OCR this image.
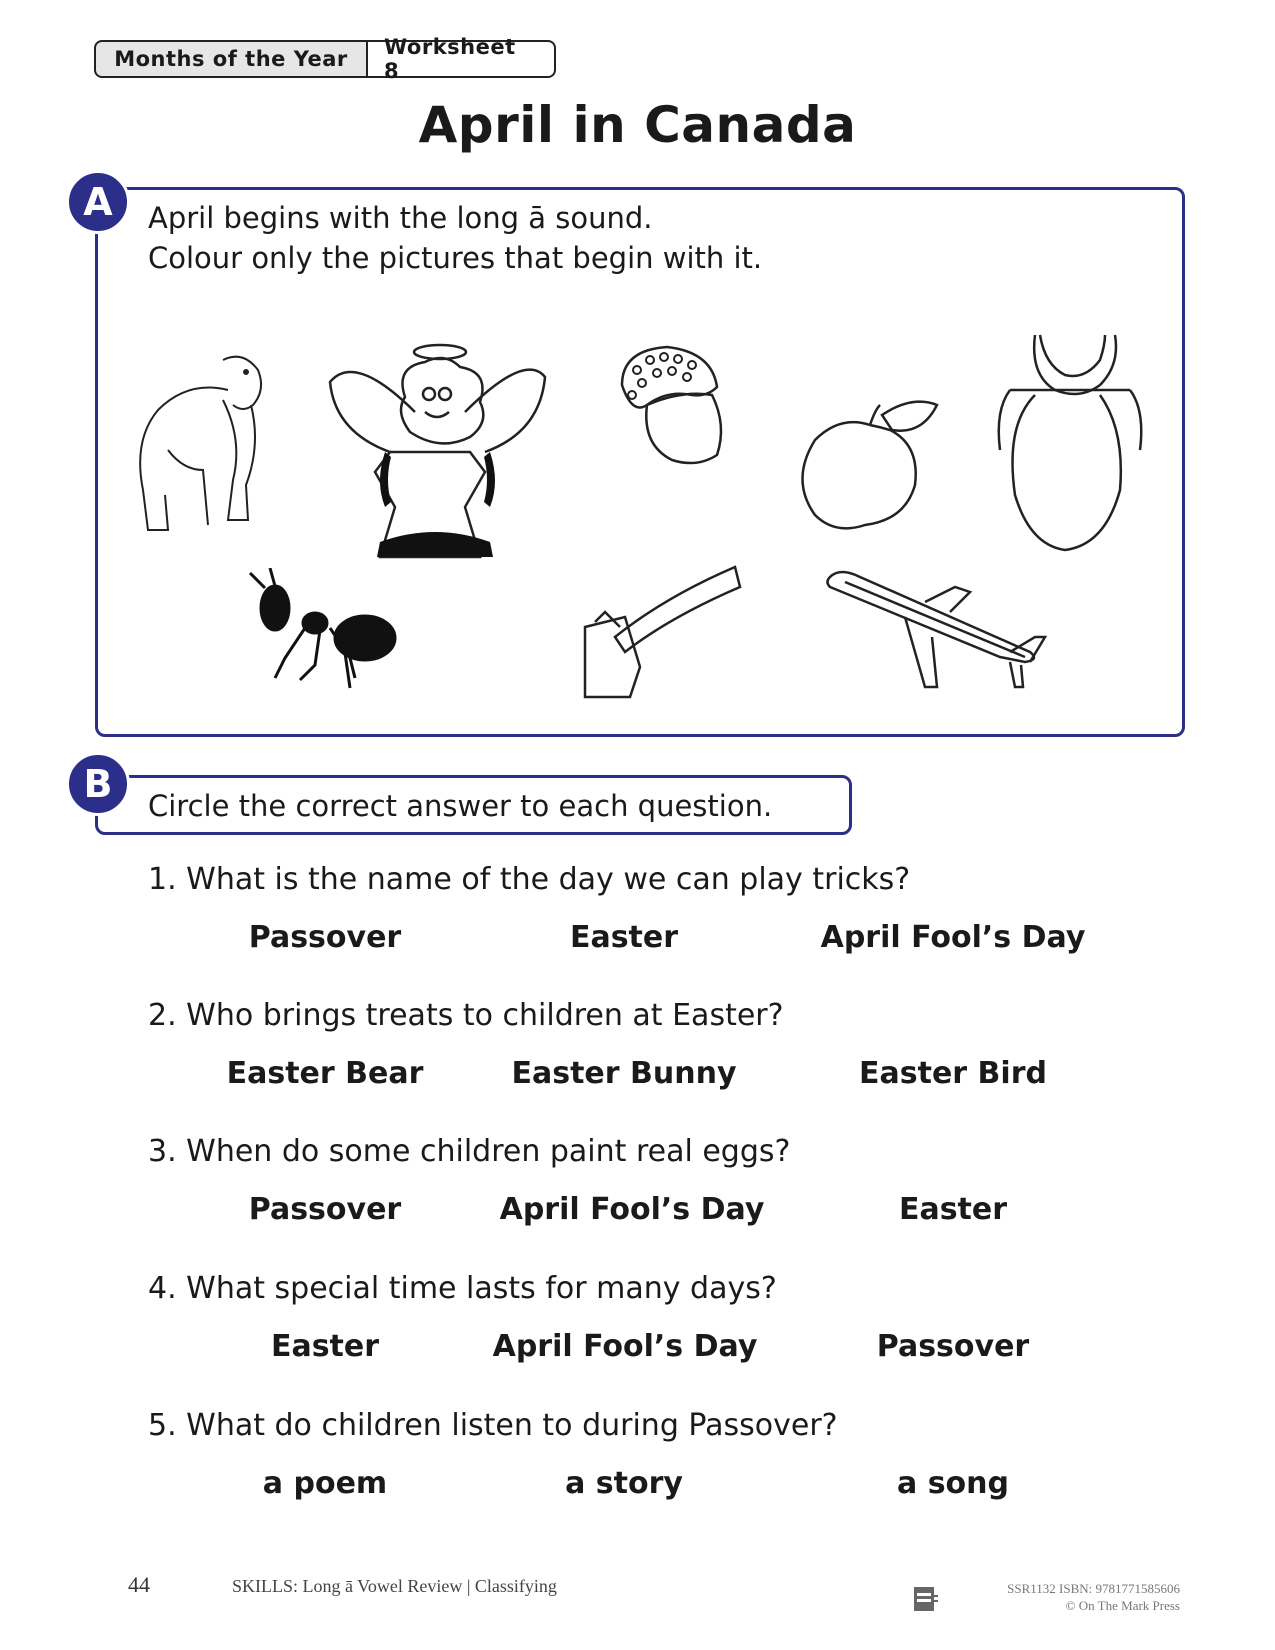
Months of the Year	Worksheet 8
April in Canada
A	April begins with the long ā sound.
Colour only the pictures that begin with it.
B	Circle the correct answer to each question.
1. What is the name of the day we can play tricks?
Passover	Easter	April Fool’s Day
2. Who brings treats to children at Easter?
Easter Bear	Easter Bunny	Easter Bird
3. When do some children paint real eggs?
Passover	April Fool’s Day	Easter
4. What special time lasts for many days?
Easter	April Fool’s Day	Passover
5. What do children listen to during Passover?
a poem	a story	a song
44	SKILLS: Long ā Vowel Review | Classifying	SSR1132 ISBN: 9781771585606
© On The Mark Press
